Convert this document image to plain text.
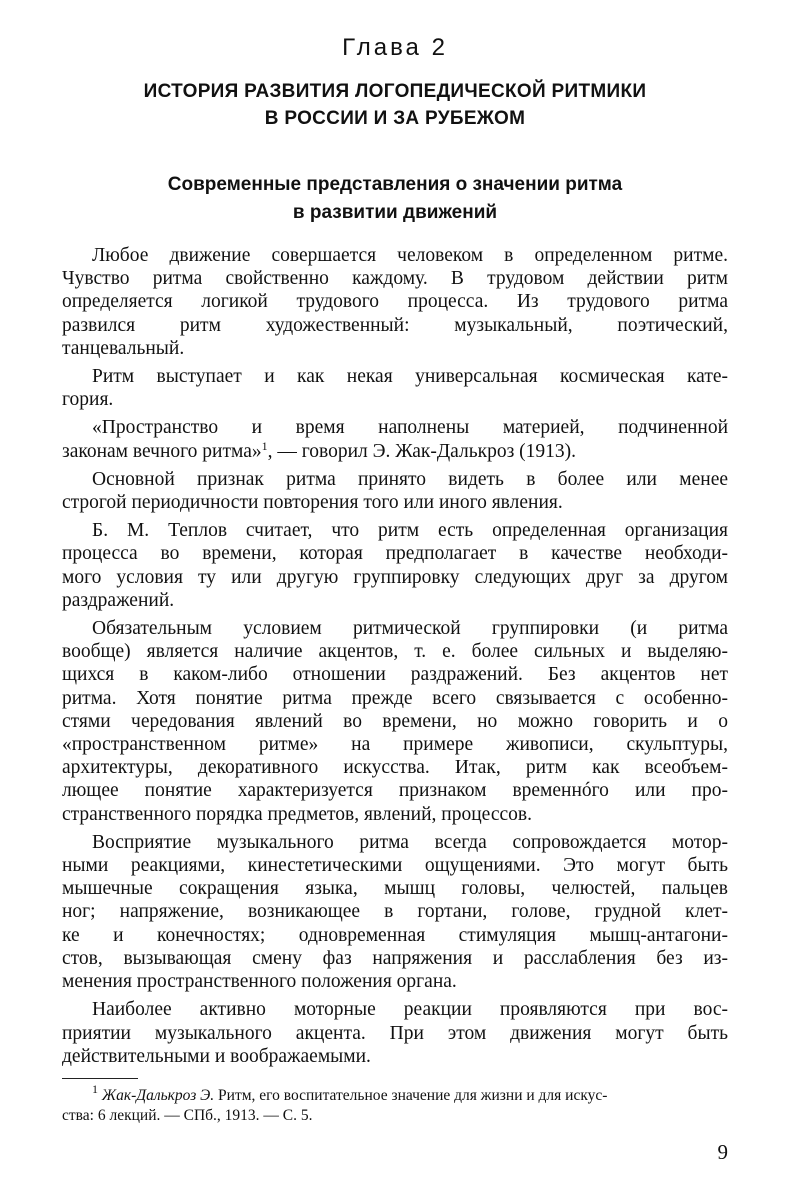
Глава 2
ИСТОРИЯ РАЗВИТИЯ ЛОГОПЕДИЧЕСКОЙ РИТМИКИ
В РОССИИ И ЗА РУБЕЖОМ
Современные представления о значении ритма
в развитии движений

Любое движение совершается человеком в определенном ритме.
Чувство ритма свойственно каждому. В трудовом действии ритм
определяется логикой трудового процесса. Из трудового ритма
развился ритм художественный: музыкальный, поэтический,
танцевальный.

Ритм выступает и как некая универсальная космическая кате-
гория.

«Пространство и время наполнены материей, подчиненной
законам вечного ритма»$^1$, — говорил Э. Жак-Далькроз (1913).

Основной признак ритма принято видеть в более или менее
строгой периодичности повторения того или иного явления.

Б. М. Теплов считает, что ритм есть определенная организация
процесса во времени, которая предполагает в качестве необходи-
мого условия ту или другую группировку следующих друг за другом
раздражений.

Обязательным условием ритмической группировки (и ритма
вообще) является наличие акцентов, т. е. более сильных и выделяю-
щихся в каком-либо отношении раздражений. Без акцентов нет
ритма. Хотя понятие ритма прежде всего связывается с особенно-
стями чередования явлений во времени, но можно говорить и о
«пространственном ритме» на примере живописи, скульптуры,
архитектуры, декоративного искусства. Итак, ритм как всеобъем-
лющее понятие характеризуется признаком временнóго или про-
странственного порядка предметов, явлений, процессов.

Восприятие музыкального ритма всегда сопровождается мотор-
ными реакциями, кинестетическими ощущениями. Это могут быть
мышечные сокращения языка, мышц головы, челюстей, пальцев
ног; напряжение, возникающее в гортани, голове, грудной клет-
ке и конечностях; одновременная стимуляция мышц-антагони-
стов, вызывающая смену фаз напряжения и расслабления без из-
менения пространственного положения органа.

Наиболее активно моторные реакции проявляются при вос-
приятии музыкального акцента. При этом движения могут быть
действительными и воображаемыми.

$^1$ Жак-Далькроз Э. Ритм, его воспитательное значение для жизни и для искус-
ства: 6 лекций. — СПб., 1913. — С. 5.
9
